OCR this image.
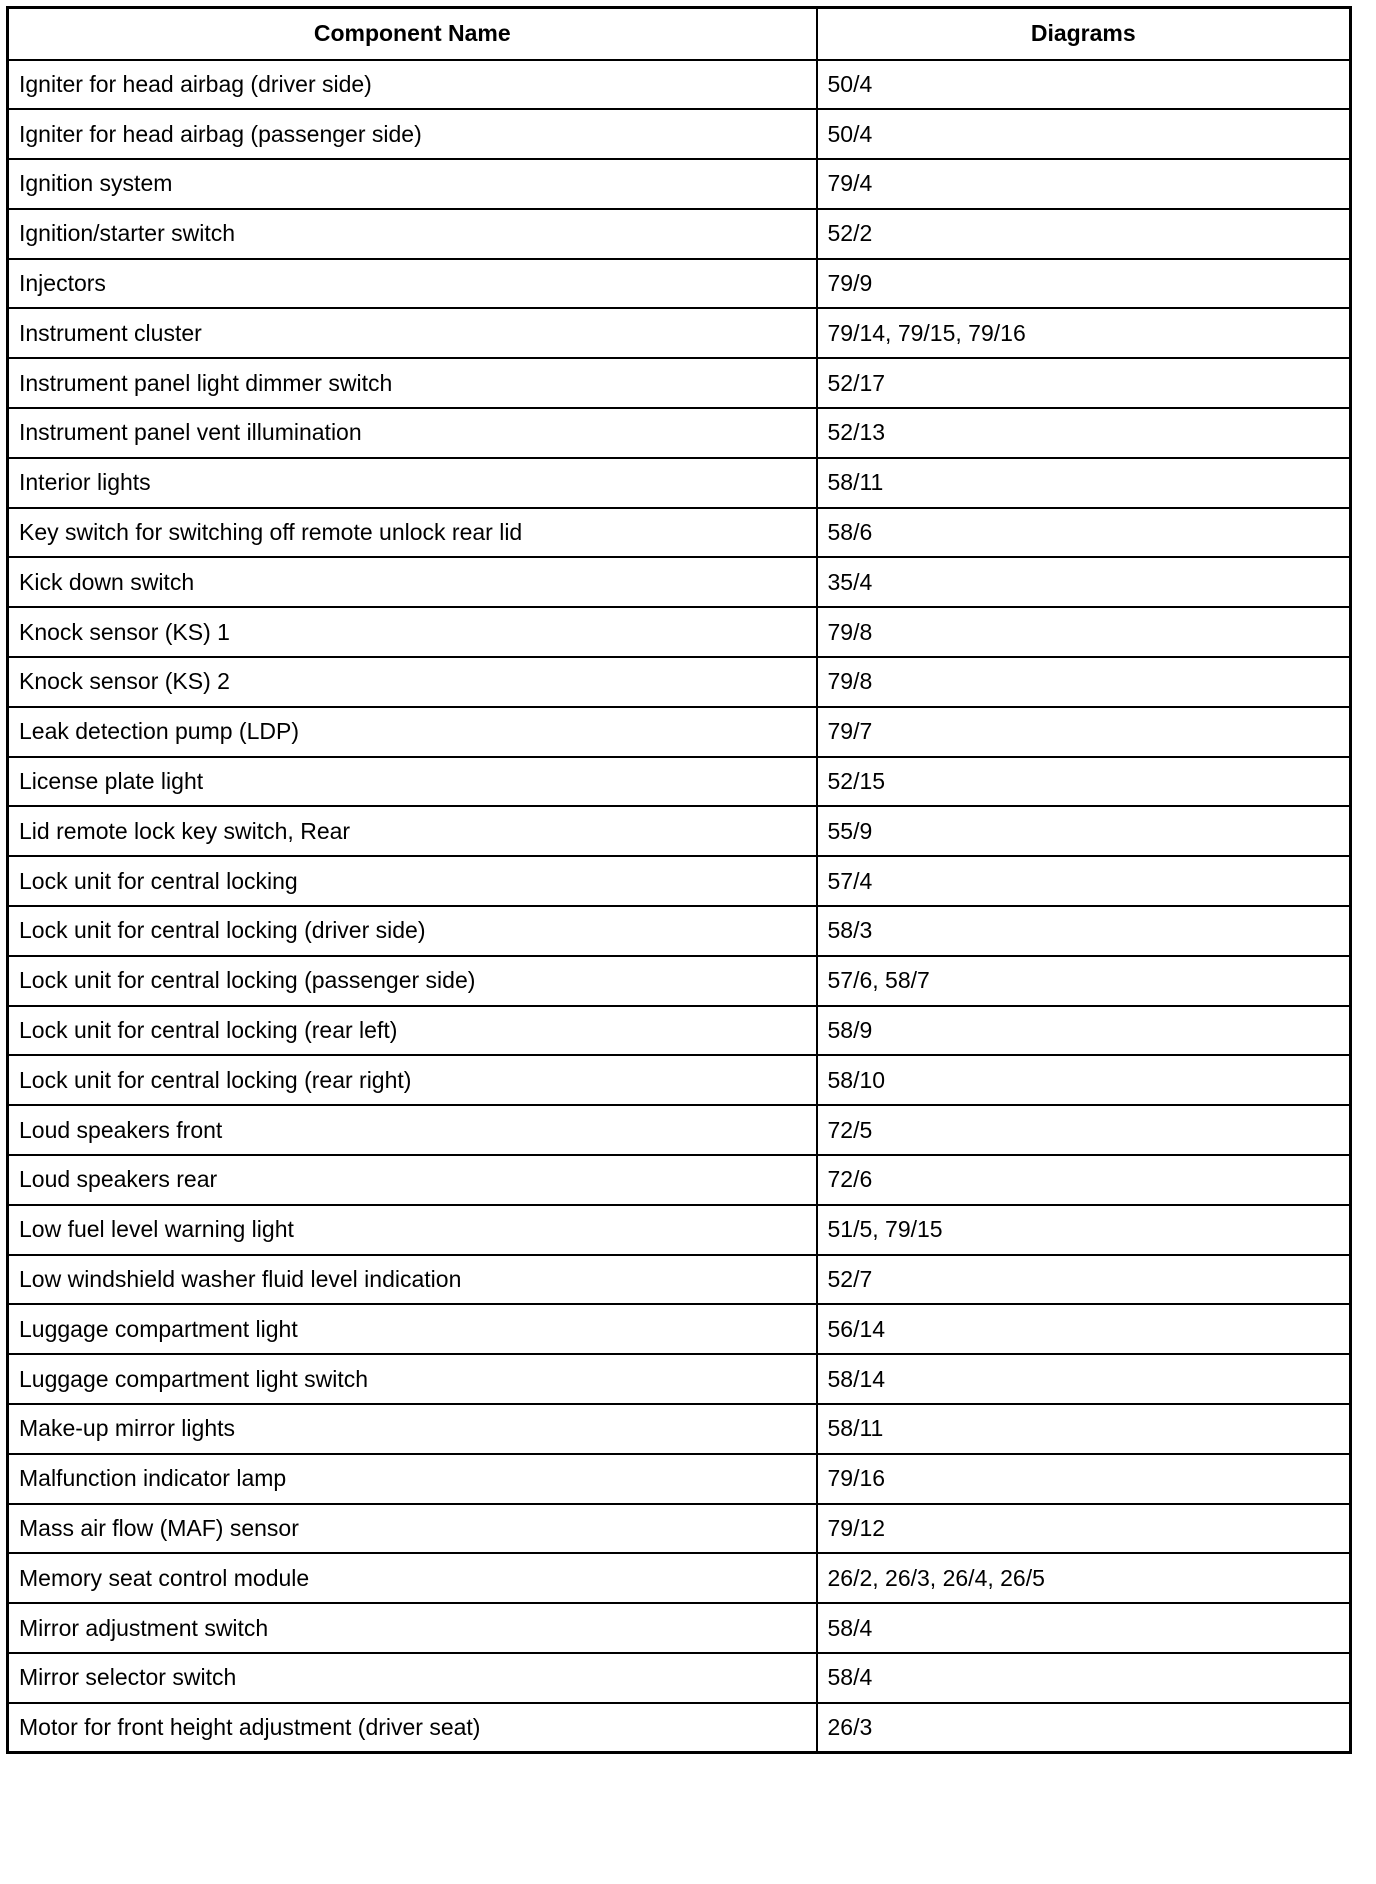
Component Name	Diagrams
Igniter for head airbag (driver side)	50/4
Igniter for head airbag (passenger side)	50/4
Ignition system	79/4
Ignition/starter switch	52/2
Injectors	79/9
Instrument cluster	79/14, 79/15, 79/16
Instrument panel light dimmer switch	52/17
Instrument panel vent illumination	52/13
Interior lights	58/11
Key switch for switching off remote unlock rear lid	58/6
Kick down switch	35/4
Knock sensor (KS) 1	79/8
Knock sensor (KS) 2	79/8
Leak detection pump (LDP)	79/7
License plate light	52/15
Lid remote lock key switch, Rear	55/9
Lock unit for central locking	57/4
Lock unit for central locking (driver side)	58/3
Lock unit for central locking (passenger side)	57/6, 58/7
Lock unit for central locking (rear left)	58/9
Lock unit for central locking (rear right)	58/10
Loud speakers front	72/5
Loud speakers rear	72/6
Low fuel level warning light	51/5, 79/15
Low windshield washer fluid level indication	52/7
Luggage compartment light	56/14
Luggage compartment light switch	58/14
Make-up mirror lights	58/11
Malfunction indicator lamp	79/16
Mass air flow (MAF) sensor	79/12
Memory seat control module	26/2, 26/3, 26/4, 26/5
Mirror adjustment switch	58/4
Mirror selector switch	58/4
Motor for front height adjustment (driver seat)	26/3
